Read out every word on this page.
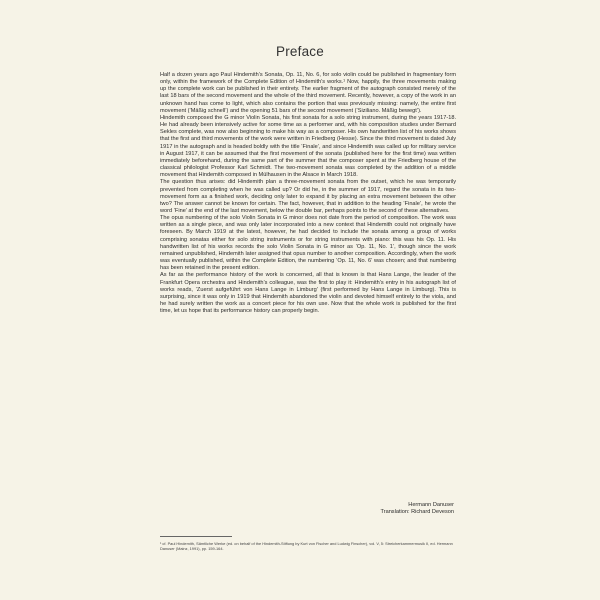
Preface

Half a dozen years ago Paul Hindemith’s Sonata, Op. 11, No. 6, for solo violin could be published in fragmentary form only, within the framework of the Complete Edition of Hindemith’s works.¹ Now, happily, the three movements making up the complete work can be published in their entirety. The earlier fragment of the autograph consisted merely of the last 18 bars of the second movement and the whole of the third movement. Recently, however, a copy of the work in an unknown hand has come to light, which also contains the portion that was previously missing: namely, the entire first movement (‘Mäßig schnell’) and the opening 51 bars of the second movement (‘Siziliano. Mäßig bewegt’).

Hindemith composed the G minor Violin Sonata, his first sonata for a solo string instrument, during the years 1917-18. He had already been intensively active for some time as a performer and, with his composition studies under Bernard Sekles complete, was now also beginning to make his way as a composer. His own handwritten list of his works shows that the first and third movements of the work were written in Friedberg (Hesse). Since the third movement is dated July 1917 in the autograph and is headed boldly with the title ‘Finale’, and since Hindemith was called up for military service in August 1917, it can be assumed that the first movement of the sonata (published here for the first time) was written immediately beforehand, during the same part of the summer that the composer spent at the Friedberg house of the classical philologist Professor Karl Schmidt. The two-movement sonata was completed by the addition of a middle movement that Hindemith composed in Mülhausen in the Alsace in March 1918.

The question thus arises: did Hindemith plan a three-movement sonata from the outset, which he was temporarily prevented from completing when he was called up? Or did he, in the summer of 1917, regard the sonata in its two-movement form as a finished work, deciding only later to expand it by placing an extra movement between the other two? The answer cannot be known for certain. The fact, however, that in addition to the heading ‘Finale’, he wrote the word ‘Fine’ at the end of the last movement, below the double bar, perhaps points to the second of these alternatives.

The opus numbering of the solo Violin Sonata in G minor does not date from the period of composition. The work was written as a single piece, and was only later incorporated into a new context that Hindemith could not originally have foreseen. By March 1919 at the latest, however, he had decided to include the sonata among a group of works comprising sonatas either for solo string instruments or for string instruments with piano: this was his Op. 11. His handwritten list of his works records the solo Violin Sonata in G minor as ‘Op. 11, No. 1’, though since the work remained unpublished, Hindemith later assigned that opus number to another composition. Accordingly, when the work was eventually published, within the Complete Edition, the numbering ‘Op. 11, No. 6’ was chosen; and that numbering has been retained in the present edition.

As far as the performance history of the work is concerned, all that is known is that Hans Lange, the leader of the Frankfurt Opera orchestra and Hindemith’s colleague, was the first to play it: Hindemith’s entry in his autograph list of works reads, ‘Zuerst aufgeführt von Hans Lange in Limburg’ (first performed by Hans Lange in Limburg). This is surprising, since it was only in 1919 that Hindemith abandoned the violin and devoted himself entirely to the viola, and he had surely written the work as a concert piece for his own use. Now that the whole work is published for the first time, let us hope that its performance history can properly begin.

Hermann Danuser
Translation: Richard Deveson
¹ cf. Paul Hindemith, Sämtliche Werke (ed. on behalf of the Hindemith-Stiftung by Kurt von Fischer and Ludwig Finscher), vol. V, 5: Streicherkammermusik II, ed. Hermann Danuser (Mainz, 1991), pp. 159-164.
